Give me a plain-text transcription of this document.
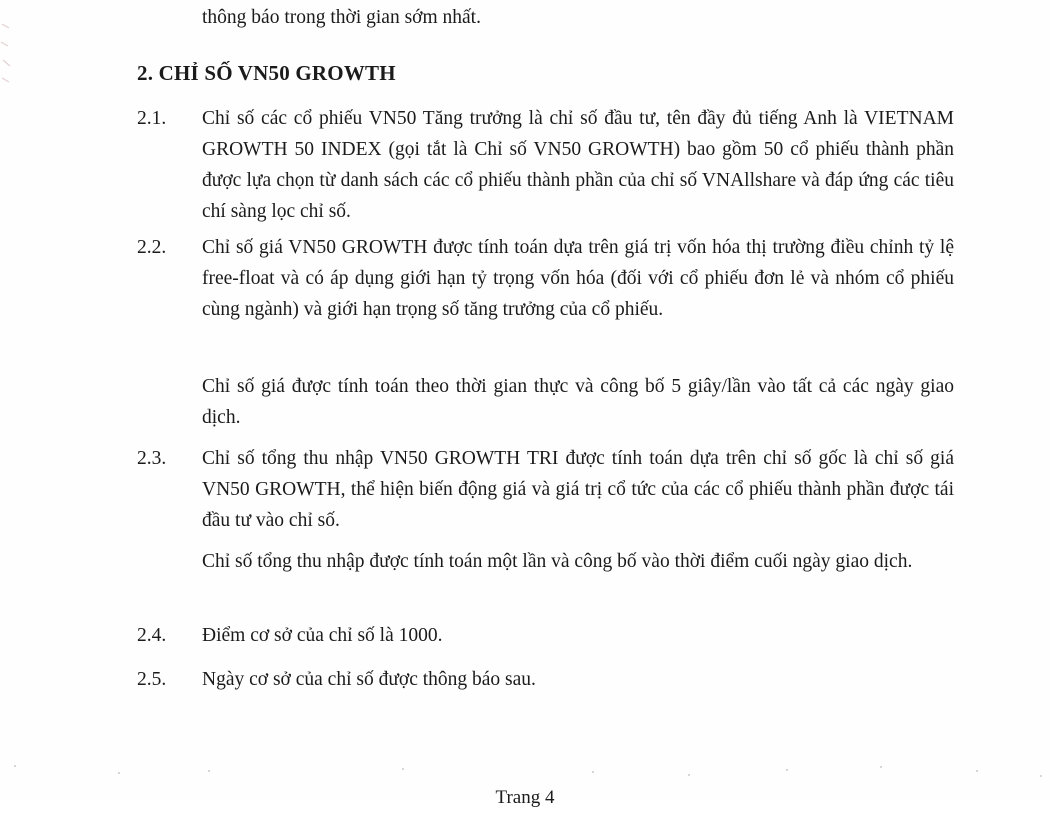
thông báo trong thời gian sớm nhất.
2. CHỈ SỐ VN50 GROWTH
2.1.	Chỉ số các cổ phiếu VN50 Tăng trưởng là chỉ số đầu tư, tên đầy đủ tiếng Anh là VIETNAM GROWTH 50 INDEX (gọi tắt là Chỉ số VN50 GROWTH) bao gồm 50 cổ phiếu thành phần được lựa chọn từ danh sách các cổ phiếu thành phần của chỉ số VNAllshare và đáp ứng các tiêu chí sàng lọc chỉ số.
2.2.	Chỉ số giá VN50 GROWTH được tính toán dựa trên giá trị vốn hóa thị trường điều chỉnh tỷ lệ free-float và có áp dụng giới hạn tỷ trọng vốn hóa (đối với cổ phiếu đơn lẻ và nhóm cổ phiếu cùng ngành) và giới hạn trọng số tăng trưởng của cổ phiếu.
Chỉ số giá được tính toán theo thời gian thực và công bố 5 giây/lần vào tất cả các ngày giao dịch.
2.3.	Chỉ số tổng thu nhập VN50 GROWTH TRI được tính toán dựa trên chỉ số gốc là chỉ số giá VN50 GROWTH, thể hiện biến động giá và giá trị cổ tức của các cổ phiếu thành phần được tái đầu tư vào chỉ số.
Chỉ số tổng thu nhập được tính toán một lần và công bố vào thời điểm cuối ngày giao dịch.
2.4.	Điểm cơ sở của chỉ số là 1000.
2.5.	Ngày cơ sở của chỉ số được thông báo sau.
Trang 4
